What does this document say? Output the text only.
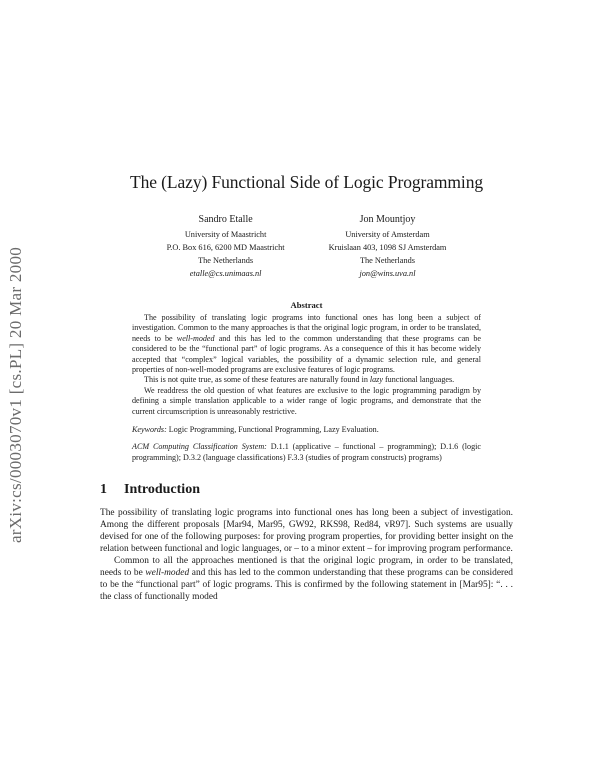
arXiv:cs/0003070v1 [cs.PL] 20 Mar 2000
The (Lazy) Functional Side of Logic Programming
Sandro Etalle
University of Maastricht
P.O. Box 616, 6200 MD Maastricht
The Netherlands
etalle@cs.unimaas.nl
Jon Mountjoy
University of Amsterdam
Kruislaan 403, 1098 SJ Amsterdam
The Netherlands
jon@wins.uva.nl
Abstract

The possibility of translating logic programs into functional ones has long been a subject of investigation. Common to the many approaches is that the original logic program, in order to be translated, needs to be well-moded and this has led to the common understanding that these programs can be considered to be the “functional part” of logic programs. As a consequence of this it has become widely accepted that “complex” logical variables, the possibility of a dynamic selection rule, and general properties of non-well-moded programs are exclusive features of logic programs.

This is not quite true, as some of these features are naturally found in lazy functional languages.

We readdress the old question of what features are exclusive to the logic programming paradigm by defining a simple translation applicable to a wider range of logic programs, and demonstrate that the current circumscription is unreasonably restrictive.

Keywords: Logic Programming, Functional Programming, Lazy Evaluation.
ACM Computing Classification System: D.1.1 (applicative – functional – programming); D.1.6 (logic programming); D.3.2 (language classifications) F.3.3 (studies of program constructs) programs)
1 Introduction

The possibility of translating logic programs into functional ones has long been a subject of investigation. Among the different proposals [Mar94, Mar95, GW92, RKS98, Red84, vR97]. Such systems are usually devised for one of the following purposes: for proving program properties, for providing better insight on the relation between functional and logic languages, or – to a minor extent – for improving program performance.

Common to all the approaches mentioned is that the original logic program, in order to be translated, needs to be well-moded and this has led to the common understanding that these programs can be considered to be the “functional part” of logic programs. This is confirmed by the following statement in [Mar95]: “. . . the class of functionally moded
